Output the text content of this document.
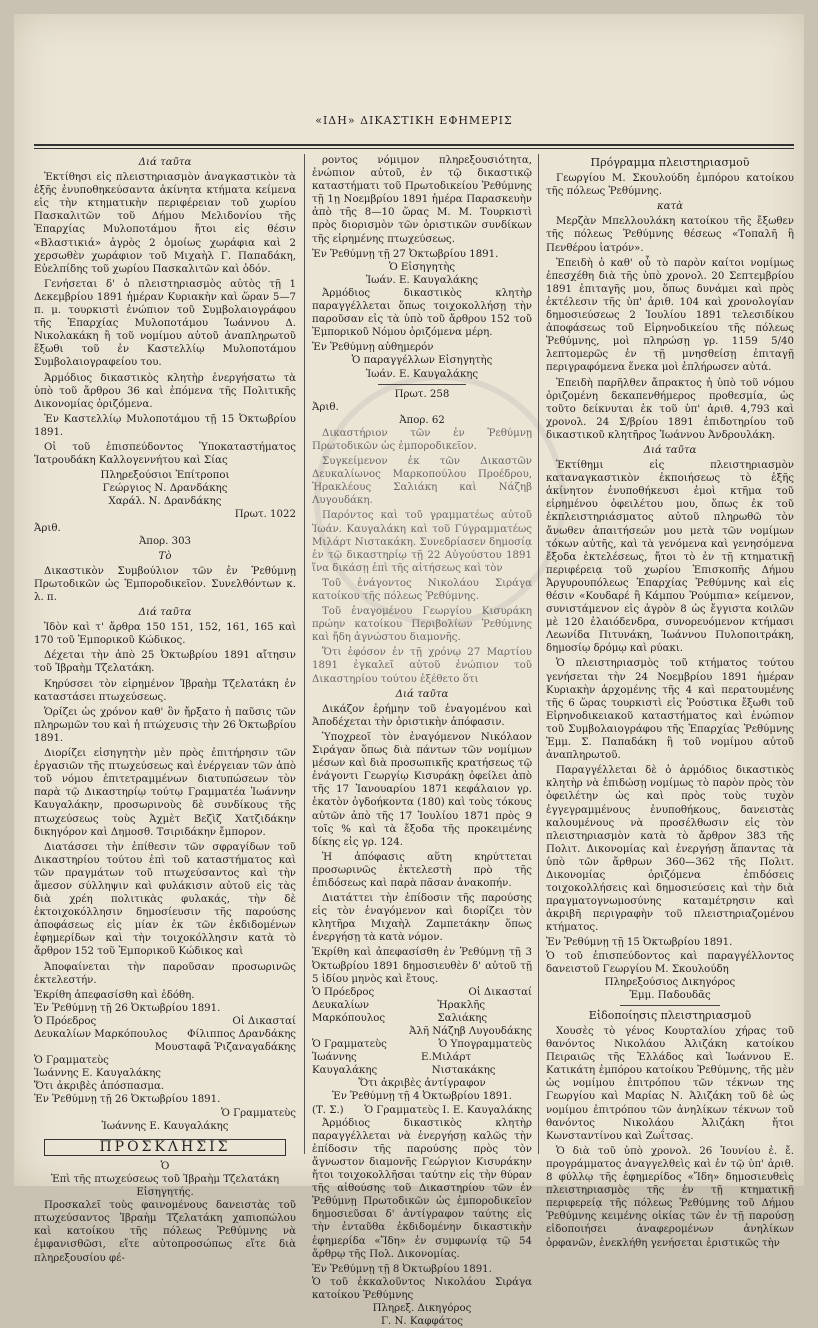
«ΙΔΗ» ΔΙΚΑΣΤΙΚΗ ΕΦΗΜΕΡΙΣ
Διά ταῦτα

Ἐκτίθησι εἰς πλειστηριασμὸν ἀναγκαστικὸν τὰ ἑξῆς ἐνυποθηκεύσαντα ἀκίνητα κτήματα κείμενα εἰς τὴν κτηματικὴν περιφέρειαν τοῦ χωρίου Πασκαλιτῶν τοῦ Δήμου Μελιδονίου τῆς Ἐπαρχίας Μυλοποτάμου ἤτοι εἰς θέσιν «Βλαστικιά» ἀγρὸς 2 ὁμοίως χωράφια καὶ 2 χερσωθὲν χωράφιον τοῦ Μιχαὴλ Γ. Παπαδάκη, Εὐελπίδης τοῦ χωρίου Πασκαλιτῶν καὶ ὁδόν.

Γενήσεται δ' ὁ πλειστηριασμὸς αὐτὸς τῇ 1 Δεκεμβρίου 1891 ἡμέραν Κυριακὴν καὶ ὥραν 5—7 π. μ. τουρκιστὶ ἐνώπιον τοῦ Συμβολαιογράφου τῆς Ἐπαρχίας Μυλοποτάμου Ἰωάννου Δ. Νικολακάκη ἢ τοῦ νομίμου αὐτοῦ ἀναπληρωτοῦ ἔξωθι τοῦ ἐν Καστελλίῳ Μυλοποτάμου Συμβολαιογραφείου του.

Ἀρμόδιος δικαστικὸς κλητὴρ ἐνεργήσατω τὰ ὑπὸ τοῦ ἄρθρου 36 καὶ ἑπόμενα τῆς Πολιτικῆς Δικονομίας ὁριζόμενα.

Ἐν Καστελλίῳ Μυλοποτάμου τῇ 15 Ὀκτωβρίου 1891.

Οἱ τοῦ ἐπισπεύδοντος Ὑποκαταστήματος Ἰατρουδάκη Καλλογεννήτου καὶ Σίας

Πληρεξούσιοι Ἐπίτροποι
Γεώργιος Ν. Δρανδάκης
Χαράλ. Ν. Δρανδάκης
Πρωτ. 1022
Ἀριθ.
Ἀπορ. 303
Τὸ

Δικαστικὸν Συμβούλιον τῶν ἐν Ῥεθύμνῃ Πρωτοδικῶν ὡς Ἐμποροδικεῖον. Συνελθόντων κ. λ. π.

Διά ταῦτα

Ἰδὸν καὶ τ' ἄρθρα 150 151, 152, 161, 165 καὶ 170 τοῦ Ἐμπορικοῦ Κώδικος.

Δέχεται τὴν ἀπὸ 25 Ὀκτωβρίου 1891 αἴτησιν τοῦ Ἰβραὴμ Τζελατάκη.

Κηρύσσει τὸν εἰρημένον Ἰβραὴμ Τζελατάκη ἐν καταστάσει πτωχεύσεως.

Ὁρίζει ὡς χρόνον καθ' ὃν ἤρξατο ἡ παῦσις τῶν πληρωμῶν του καὶ ἡ πτώχευσις τὴν 26 Ὀκτωβρίου 1891.

Διορίζει εἰσηγητὴν μὲν πρὸς ἐπιτήρησιν τῶν ἐργασιῶν τῆς πτωχεύσεως καὶ ἐνέργειαν τῶν ἀπὸ τοῦ νόμου ἐπιτετραμμένων διατυπώσεων τὸν παρὰ τῷ Δικαστηρίῳ τούτῳ Γραμματέα Ἰωάννην Καυγαλάκην, προσωρινοὺς δὲ συνδίκους τῆς πτωχεύσεως τοὺς Ἀχμὲτ Βεζὶζ Χατζιδάκην δικηγόρον καὶ Δημοσθ. Τσιριδάκην ἔμπορον.

Διατάσσει τὴν ἐπίθεσιν τῶν σφραγίδων τοῦ Δικαστηρίου τούτου ἐπὶ τοῦ καταστήματος καὶ τῶν πραγμάτων τοῦ πτωχεύσαντος καὶ τὴν ἄμεσον σύλληψιν καὶ φυλάκισιν αὐτοῦ εἰς τὰς διὰ χρέη πολιτικὰς φυλακάς, τὴν δὲ ἐκτοιχοκόλλησιν δημοσίευσιν τῆς παρούσης ἀποφάσεως εἰς μίαν ἐκ τῶν ἐκδιδομένων ἐφημερίδων καὶ τὴν τοιχοκόλλησιν κατὰ τὸ ἄρθρον 152 τοῦ Ἐμπορικοῦ Κώδικος καὶ

Ἀποφαίνεται τὴν παροῦσαν προσωρινῶς ἐκτελεστήν.

Ἐκρίθη ἀπεφασίσθη καὶ ἐδόθη.
Ἐν Ῥεθύμνῃ τῇ 26 Ὀκτωβρίου 1891.
Ὁ Πρόεδρος	Οἱ Δικασταί
Δευκαλίων Μαρκόπουλος Φίλιππος Δρανδάκης
Μουσταφᾶ Ῥιζαναγαδάκης
Ὁ Γραμματεὺς
Ἰωάννης Ε. Καυγαλάκης
Ὅτι ἀκριβὲς ἀπόσπασμα.
Ἐν Ῥεθύμνῃ τῇ 26 Ὀκτωβρίου 1891.
Ὁ Γραμματεὺς
Ἰωάννης Ε. Καυγαλάκης
ΠΡΟΣΚΛΗΣΙΣ
Ὁ
Ἐπὶ τῆς πτωχεύσεως τοῦ Ἰβραὴμ Τζελατάκη Εἰσηγητής.

Προσκαλεῖ τοὺς φαινομένους δανειστὰς τοῦ πτωχεύσαντος Ἰβραὴμ Τζελατάκη χαπιοπώλου καὶ κατοίκου τῆς πόλεως Ῥεθύμνης νὰ ἐμφανισθῶσι, εἴτε αὐτοπροσώπως εἴτε διὰ πληρεξουσίου φέ-

ροντος νόμιμον πληρεξουσιότητα, ἐνώπιον αὐτοῦ, ἐν τῷ δικαστικῷ καταστήματι τοῦ Πρωτοδικείου Ῥεθύμνης τῇ 1ῃ Νοεμβρίου 1891 ἡμέρα Παρασκευὴν ἀπὸ τῆς 8—10 ὥρας Μ. Μ. Τουρκιστὶ πρὸς διορισμὸν τῶν ὁριστικῶν συνδίκων τῆς εἰρημένης πτωχεύσεως.

Ἐν Ῥεθύμνῃ τῇ 27 Ὀκτωβρίου 1891.
Ὁ Εἰσηγητὴς
Ἰωάν. Ε. Καυγαλάκης

Ἀρμόδιος δικαστικὸς κλητὴρ παραγγέλλεται ὅπως τοιχοκολλήσῃ τὴν παροῦσαν εἰς τὰ ὑπὸ τοῦ ἄρθρου 152 τοῦ Ἐμπορικοῦ Νόμου ὁριζόμενα μέρη.

Ἐν Ῥεθύμνῃ αὐθημερόν
Ὁ παραγγέλλων Εἰσηγητὴς
Ἰωάν. Ε. Καυγαλάκης
Πρωτ. 258
Ἀριθ.
Ἀπορ. 62

Δικαστήριον τῶν ἐν Ῥεθύμνῃ Πρωτοδικῶν ὡς ἐμποροδικεῖον.

Συγκείμενον ἐκ τῶν Δικαστῶν Δευκαλίωνος Μαρκοπούλου Προέδρου, Ἠρακλέους Σαλιάκη καὶ Νάζηβ Λυγουδάκη.

Παρόντος καὶ τοῦ γραμματέως αὐτοῦ Ἰωάν. Καυγαλάκη καὶ τοῦ Γύγραμματέως Μιλάρτ Νιστακάκη. Συνεδρίασεν δημοσίᾳ ἐν τῷ δικαστηρίῳ τῇ 22 Αὐγούστου 1891 ἵνα δικάσῃ ἐπὶ τῆς αἰτήσεως καὶ τὸν

Τοῦ ἐνάγοντος Νικολάου Σιράγα κατοίκου τῆς πόλεως Ῥεθύμνης.

Τοῦ ἐναγομένου Γεωργίου Κισυράκη πρώην κατοίκου Περιβολίων Ῥεθύμνης καὶ ἤδη ἀγνώστου διαμονῆς.

Ὅτι ἐφόσον ἐν τῇ χρόνῳ 27 Μαρτίου 1891 ἐγκαλεῖ αὐτοῦ ἐνώπιον τοῦ Δικαστηρίου τούτου ἐξέθετο ὅτι

Διά ταῦτα

Δικάζον ἐρήμην τοῦ ἐναγομένου καὶ Ἀποδέχεται τὴν ὁριστικὴν ἀπόφασιν.

Ὑποχρεοῖ τὸν ἐναγόμενον Νικόλαον Σιράγαν ὅπως διὰ πάντων τῶν νομίμων μέσων καὶ διὰ προσωπικῆς κρατήσεως τῷ ἐνάγοντι Γεωργίῳ Κισυράκῃ ὀφείλει ἀπὸ τῆς 17 Ἰανουαρίου 1871 κεφάλαιον γρ. ἑκατὸν ὀγδοήκοντα (180) καὶ τοὺς τόκους αὐτῶν ἀπὸ τῆς 17 Ἰουλίου 1871 πρὸς 9 τοῖς % καὶ τὰ ἔξοδα τῆς προκειμένης δίκης εἰς γρ. 124.

Ἡ ἀπόφασις αὕτη κηρύττεται προσωρινῶς ἐκτελεστὴ πρὸ τῆς ἐπιδόσεως καὶ παρὰ πᾶσαν ἀνακοπήν.

Διατάττει τὴν ἐπίδοσιν τῆς παρούσης εἰς τὸν ἐναγόμενον καὶ διορίζει τὸν κλητῆρα Μιχαὴλ Ζαμπετάκην ὅπως ἐνεργήσῃ τὰ κατὰ νόμον.

Ἐκρίθη καὶ ἀπεφασίσθη ἐν Ῥεθύμνῃ τῇ 3 Ὀκτωβρίου 1891 δημοσιευθὲν δ' αὐτοῦ τῇ 5 ἰδίου μηνὸς καὶ ἔτους.
Ὁ Πρόεδρος	Οἱ Δικασταί
Δευκαλίων Μαρκόπουλος
Ἡρακλῆς Σαλιάκης
Ἀλῆ Νάζηβ Λυγουδάκης
Ὁ Γραμματεὺς	Ὁ Υπογραμματεὺς
Ἰωάννης Ε. Καυγαλάκης
Μιλάρτ Νιστακάκης
Ὅτι ἀκριβὲς ἀντίγραφον
Ἐν Ῥεθύμνῃ τῇ 4 Ὀκτωβρίου 1891.
(Τ. Σ.) Ὁ Γραμματεὺς Ι. Ε. Καυγαλάκης

Ἀρμόδιος δικαστικὸς κλητὴρ παραγγέλλεται νὰ ἐνεργήσῃ καλῶς τὴν ἐπίδοσιν τῆς παρούσης πρὸς τὸν ἄγνωστον διαμονῆς Γεώργιον Κισυράκην ἤτοι τοιχοκολλῆσαι ταύτην εἰς τὴν θύραν τῆς αἰθούσης τοῦ Δικαστηρίου τῶν ἐν Ῥεθύμνῃ Πρωτοδικῶν ὡς ἐμποροδικεῖον δημοσιεῦσαι δ' ἀντίγραφον ταύτης εἰς τὴν ἐνταῦθα ἐκδιδομένην δικαστικὴν ἐφημερίδα «Ἴδη» ἐν συμφωνίᾳ τῷ 54 ἄρθρῳ τῆς Πολ. Δικονομίας.

Ἐν Ῥεθύμνῃ τῇ 8 Ὀκτωβρίου 1891.
Ὁ τοῦ ἐκκαλοῦντος Νικολάου Σιράγα κατοίκου Ῥεθύμνης
Πληρεξ. Δικηγόρος
Γ. Ν. Καφφάτος
Πρόγραμμα πλειστηριασμοῦ

Γεωργίου Μ. Σκουλούδη ἐμπόρου κατοίκου τῆς πόλεως Ῥεθύμνης.

κατὰ

Μερζὰν Μπελλουλάκη κατοίκου τῆς ἔξωθεν τῆς πόλεως Ῥεθύμνης θέσεως «Τοπαλῆ ἢ Πενθέρου ἰατρόν».

Ἐπειδὴ ὁ καθ' οὗ τὸ παρὸν καίτοι νομίμως ἐπεσχέθη διὰ τῆς ὑπὸ χρονολ. 20 Σεπτεμβρίου 1891 ἐπιταγῆς μου, ὅπως δυνάμει καὶ πρὸς ἐκτέλεσιν τῆς ὑπ' ἀριθ. 104 καὶ χρονολογίαν δημοσιεύσεως 2 Ἰουλίου 1891 τελεσιδίκου ἀποφάσεως τοῦ Εἰρηνοδικείου τῆς πόλεως Ῥεθύμνης, μοὶ πληρώσῃ γρ. 1159 5/40 λεπτομερῶς ἐν τῇ μνησθείσῃ ἐπιταγῇ περιγραφόμενα ἕνεκα μοὶ ἐπλήρωσεν αὐτά.

Ἐπειδὴ παρῆλθεν ἄπρακτος ἡ ὑπὸ τοῦ νόμου ὁριζομένη δεκαπενθήμερος προθεσμία, ὡς τοῦτο δείκνυται ἐκ τοῦ ὑπ' ἀριθ. 4,793 καὶ χρονολ. 24 Σ/βρίου 1891 ἐπιδοτηρίου τοῦ δικαστικοῦ κλητῆρος Ἰωάννου Ἀνδρουλάκη.

Διά ταῦτα

Ἐκτίθημι εἰς πλειστηριασμὸν καταναγκαστικὸν ἐκποιήσεως τὸ ἑξῆς ἀκίνητον ἐνυποθήκευσι ἐμοὶ κτῆμα τοῦ εἰρημένου ὀφειλέτου μου, ὅπως ἐκ τοῦ ἐκπλειστηριάσματος αὐτοῦ πληρωθῶ τὸν ἄνωθεν ἀπαιτήσεών μου μετὰ τῶν νομίμων τόκων αὐτῆς, καὶ τὰ γενόμενα καὶ γενησόμενα ἔξοδα ἐκτελέσεως, ἤτοι τὸ ἐν τῇ κτηματικῇ περιφέρειᾳ τοῦ χωρίου Ἐπισκοπῆς Δήμου Ἀργυρουπόλεως Ἐπαρχίας Ῥεθύμνης καὶ εἰς θέσιν «Κουδαρέ ἢ Κάμπου Ῥούμπια» κείμενον, συνιστάμενον εἰς ἀγρὸν 8 ὡς ἔγγιστα κοιλῶν μὲ 120 ἐλαιόδενδρα, συνορευόμενον κτήμασι Λεωνίδα Πιτυνάκη, Ἰωάννου Πυλοποιτράκη, δημοσίῳ δρόμῳ καὶ ρύακι.

Ὁ πλειστηριασμὸς τοῦ κτήματος τούτου γενήσεται τὴν 24 Νοεμβρίου 1891 ἡμέραν Κυριακὴν ἀρχομένης τῆς 4 καὶ περατουμένης τῆς 6 ὥρας τουρκιστὶ εἰς Ῥούστικα ἔξωθι τοῦ Εἰρηνοδικειακοῦ καταστήματος καὶ ἐνώπιον τοῦ Συμβολαιογράφου τῆς Ἐπαρχίας Ῥεθύμνης Ἐμμ. Σ. Παπαδάκη ἢ τοῦ νομίμου αὐτοῦ ἀναπληρωτοῦ.

Παραγγέλλεται δὲ ὁ ἀρμόδιος δικαστικὸς κλητὴρ νὰ ἐπιδώσῃ νομίμως τὸ παρὸν πρὸς τὸν ὀφειλέτην ὡς καὶ πρὸς τοὺς τυχὸν ἐγγεγραμμένους ἐνυποθήκους, δανειστὰς καλουμένους νὰ προσέλθωσιν εἰς τὸν πλειστηριασμὸν κατὰ τὸ ἄρθρον 383 τῆς Πολιτ. Δικονομίας καὶ ἐνεργήσῃ ἅπαντας τὰ ὑπὸ τῶν ἄρθρων 360—362 τῆς Πολιτ. Δικονομίας ὁριζόμενα ἐπιδόσεις τοιχοκολλήσεις καὶ δημοσιεύσεις καὶ τὴν διὰ πραγματογνωμοσύνης καταμέτρησιν καὶ ἀκριβῆ περιγραφὴν τοῦ πλειστηριαζομένου κτήματος.

Ἐν Ῥεθύμνῃ τῇ 15 Ὀκτωβρίου 1891.
Ὁ τοῦ ἐπισπεύδοντος καὶ παραγγέλλοντος δανειστοῦ Γεωργίου Μ. Σκουλούδη
Πληρεξούσιος Δικηγόρος
Ἐμμ. Παδουδᾶς
Εἰδοποίησις πλειστηριασμοῦ

Χουσὲς τὸ γένος Κουρταλίου χήρας τοῦ θανόντος Νικολάου Ἀλιζάκη κατοίκου Πειραιῶς τῆς Ἑλλάδος καὶ Ἰωάννου Ε. Κατικάτη ἐμπόρου κατοίκου Ῥεθύμνης, τῆς μὲν ὡς νομίμου ἐπιτρόπου τῶν τέκνων της Γεωργίου καὶ Μαρίας Ν. Ἀλιζάκη τοῦ δὲ ὡς νομίμου ἐπιτρόπου τῶν ἀνηλίκων τέκνων τοῦ θανόντος Νικολάου Ἀλιζάκη ἤτοι Κωνσταντίνου καὶ Ζωΐτσας.

Ὁ διὰ τοῦ ὑπὸ χρονολ. 26 Ἰουνίου ἐ. ἔ. προγράμματος ἀναγγελθεὶς καὶ ἐν τῷ ὑπ' ἀριθ. 8 φύλλῳ τῆς ἐφημερίδος «Ἴδη» δημοσιευθεὶς πλειστηριασμὸς τῆς ἐν τῇ κτηματικῇ περιφερείᾳ τῆς πόλεως Ῥεθύμνης τοῦ Δήμου Ῥεθύμνης κειμένης οἰκίας τῶν ἐν τῇ παρούσῃ εἰδοποιήσει ἀναφερομένων ἀνηλίκων ὀρφανῶν, ἐνεκλήθη γενήσεται ἐριστικῶς τὴν
